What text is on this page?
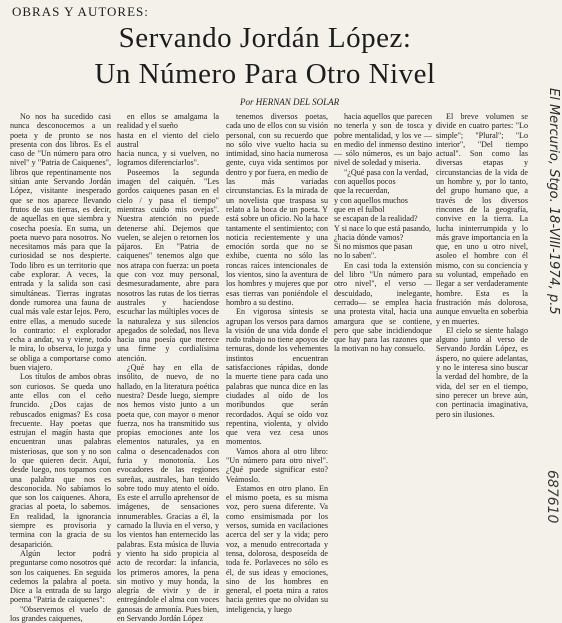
OBRAS Y AUTORES:
Servando Jordán López:
Un Número Para Otro Nivel
Por HERNAN DEL SOLAR

No nos ha sucedido casi nunca desconocemos a un poeta y de pronto se nos presenta con dos libros. Es el caso de "Un número para otro nivel" y "Patria de Caiquenes", libros que repentinamente nos sitúan ante Servando Jordán López, visitante inesperado que se nos aparece llevando frutos de sus tierras, es decir, de aquellas en que siembra y cosecha poesía. En suma, un poeta nuevo para nosotros. No necesitamos más para que la curiosidad se nos despierte. Todo libro es un territorio que cabe explorar. A veces, la entrada y la salida son casi simultáneas. Tierras ingratas donde rumorea una fauna de cual más vale estar lejos. Pero, entre ellas, a menudo sucede lo contrario: el explorador echa a andar, va y viene, todo le mira, lo observa, lo juzga y se obliga a comportarse como buen viajero.

Los títulos de ambos obras son curiosos. Se queda uno ante ellos con el ceño fruncido. ¿Dos cajas de rebuscados enigmas? Es cosa frecuente. Hay poetas que estrujan el magín hasta que encuentran unas palabras misteriosas, que son y no son lo que quieren decir. Aquí, desde luego, nos topamos con una palabra que nos es desconocida. No sabíamos lo que son los caiquenes. Ahora, gracias al poeta, lo sabemos. En realidad, la ignorancia siempre es provisoria y termina con la gracia de su desaparición.

Algún lector podrá preguntarse como nosotros qué son los caiquenes. En seguida cedemos la palabra al poeta. Dice a la entrada de su largo poema "Patria de caiquenes":

"Observemos el vuelo de los grandes caiquenes,

en ellos se amalgama la realidad y el sueño
hasta en el viento del cielo austral
hacia nunca, y si vuelven, no logramos diferenciarlos".

Poseemos la segunda imagen del caiquén. "Les gordos caiquenes pasan en el cielo / y pasa el tiempo" mientras cuido mis ovejas". Nuestra atención no puede detenerse ahí. Dejemos que vuelen, se alejen o retornen los pájaros. En "Patria de caiquenes" tenemos algo que nos atrapa con fuerza: un poeta que con voz muy personal, desmesuradamente, abre para nosotros las rutas de los tierras australes y hacíendose escuchar las múltiples voces de la naturaleza y sus silencios apegados de soledad, nos lleva hacia una poesía que merece una firme y cordialísima atención.

¿Qué hay en ella de insólito, de nuevo, de no hallado, en la literatura poética nuestra? Desde luego, siempre nos hemos visto junto a un poeta que, con mayor o menor fuerza, nos ha transmitido sus propias emociones ante los elementos naturales, ya en calma o desencadenados con furia y monotonía. Los evocadores de las regiones sureñas, australes, han tenido sobre todo muy atento el oído. Es este el arrullo aprehensor de imágenes, de sensaciones innumerables. Gracias a él, la carnado la lluvia en el verso, y los vientos han enternecido las palabras. Esta música de lluvia y viento ha sido propicia al acto de recordar: la infancia, los primeros amores, la pena sin motivo y muy honda, la alegría de vivir y de ir entregándole el alma con voces ganosas de armonía. Pues bien, en Servando Jordán López

tenemos diversos poetas, cada uno de ellos con su visión personal, con su recuerdo que no sólo vive vuelto hacia su intimidad, sino hacia numerosa gente, cuya vida sentimos por dentro y por fuera, en medio de las más variadas circunstancias. Es la mirada de un novelista que traspasa su relato a la boca de un poeta. Y está sobre un oficio. No la hace tantamente el sentimiento; con noticia recientemente y una emoción sorda que no se exhibe, cuenta no sólo las roncas raíces intencionales de los vientos, sino la aventura de los hombres y mujeres que por esas tierras van poniéndole el hombro a su destino.

En vigorosa síntesis se agrupan los versos para darnos la visión de una vida donde el rudo trabajo no tiene apoyos de ternuras, donde los vehementes instintos encuentran satisfacciones rápidas, donde la muerte tiene para cada uno palabras que nunca dice en las ciudades al oído de los moribundos que serán recordados. Aquí se oído voz repentina, violenta, y olvido que vera vez cesa unos momentos.

Vamos ahora al otro libro: "Un número para otro nivel". ¿Qué puede significar esto? Veámoslo.

Estamos en otro plano. En el mismo poeta, es su misma voz, pero suena diferente. Va como ensimismada por los versos, sumida en vacilaciones acerca del ser y la vida; pero voz, a menudo entrecortada y tensa, dolorosa, desposeída de toda fe. Porlaveces no sólo es él, de sus ideas y emociones, sino de los hombres en general, el poeta mira a ratos hacia gentes que no olvidan su inteligencia, y luego

hacia aquellos que parecen no tenerla y son de tosca y pobre mentalidad, y los ve —en medio del inmenso destino— sólo números, es un bajo nivel de soledad y miseria.

"¿Qué pasa con la verdad,
con aquellos pocos
que la recuerdan,
y con aquellos muchos
que en el fulbol
se escapan de la realidad?
Y si nace lo que está pasando,
¿hacia dónde vamos?
Si no mismos que pasan
no lo saben".

En casi toda la extensión del libro "Un número para otro nivel", el verso —descuidado, inelegante, cerrado— se emplea hacia una protesta vital, hacia una amargura que se contiene, pero que sabe incidiendoque que hay para las razones que la motivan no hay consuelo.

El breve volumen se divide en cuatro partes: "Lo simple"; "Plural"; "Lo interior", "Del tiempo actual". Son como las diversas etapas y circunstancias de la vida de un hombre y, por lo tanto, del grupo humano que, a través de los diversos rincones de la geografía, convive en la tierra. La lucha ininterrumpida y lo más grave importancia en la que, en uno u otro nivel, asoleo el hombre con él mismo, con su conciencia y su voluntad, empeñado en llegar a ser verdaderamente hombre. Esta es la frustración más dolorosa, aunque envuelta en soberbia y en muertes.

El cielo se siente halago alguno junto al verso de Servando Jordán López, es áspero, no quiere adelantas, y no le interesa sino buscar la verdad del hombre, de la vida, del ser en el tiempo, sino perecer un breve aún, con pertinacia imaginativa, pero sin ilusiones.

El Mercurio, Stgo. 18-VIII-1974, p.5
687610
